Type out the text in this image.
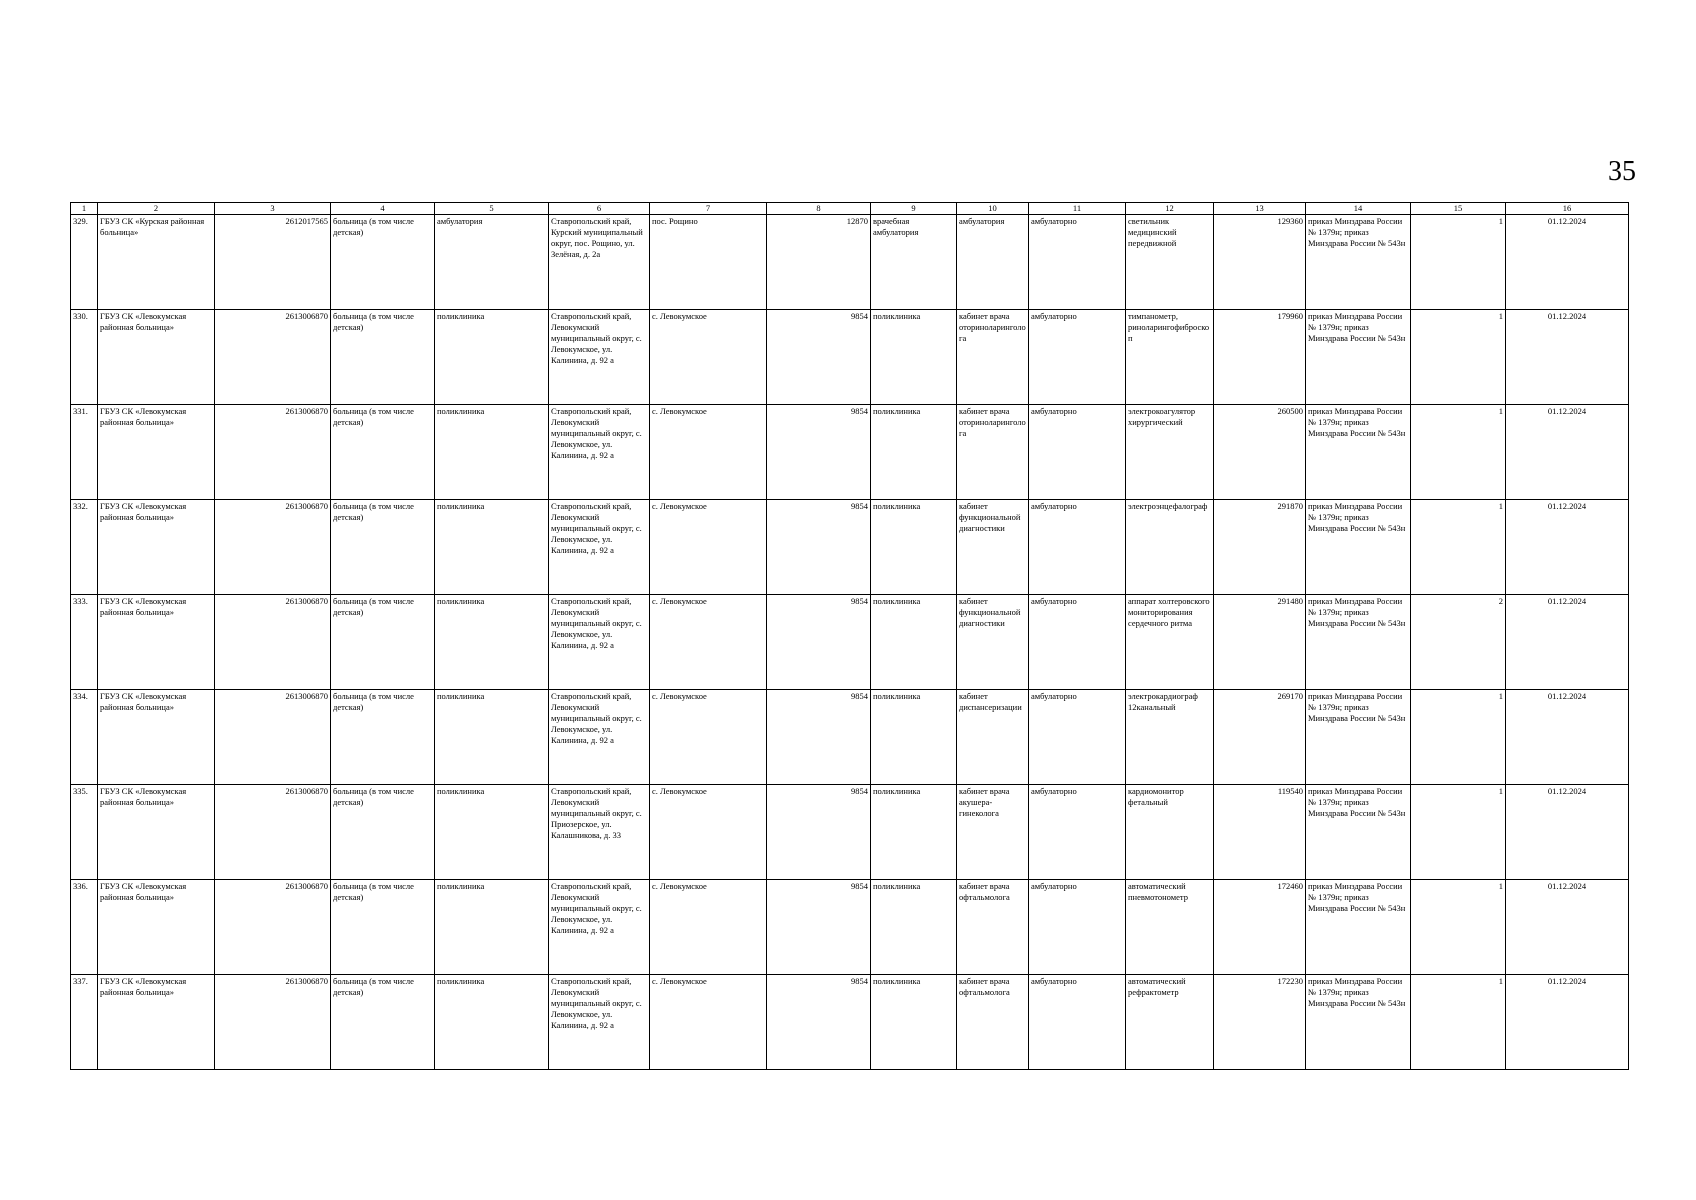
35
1	2	3	4	5	6	7	8	9	10	11	12	13	14	15	16
329.	ГБУЗ СК «Курская районная больница»	2612017565	больница (в том числе детская)	амбулатория	Ставропольский край, Курский муниципальный округ, пос. Рощино, ул. Зелёная, д. 2а	пос. Рощино	12870	врачебная амбулатория	амбулатория	амбулаторно	светильник медицинский передвижной	129360	приказ Минздрава России № 1379н; приказ Минздрава России № 543н	1	01.12.2024
330.	ГБУЗ СК «Левокумская районная больница»	2613006870	больница (в том числе детская)	поликлиника	Ставропольский край, Левокумский муниципальный округ, с. Левокумское, ул. Калинина, д. 92 а	с. Левокумское	9854	поликлиника	кабинет врача оториноларинголога	амбулаторно	тимпанометр, риноларингофиброскоп	179960	приказ Минздрава России № 1379н; приказ Минздрава России № 543н	1	01.12.2024
331.	ГБУЗ СК «Левокумская районная больница»	2613006870	больница (в том числе детская)	поликлиника	Ставропольский край, Левокумский муниципальный округ, с. Левокумское, ул. Калинина, д. 92 а	с. Левокумское	9854	поликлиника	кабинет врача оториноларинголога	амбулаторно	электрокоагулятор хирургический	260500	приказ Минздрава России № 1379н; приказ Минздрава России № 543н	1	01.12.2024
332.	ГБУЗ СК «Левокумская районная больница»	2613006870	больница (в том числе детская)	поликлиника	Ставропольский край, Левокумский муниципальный округ, с. Левокумское, ул. Калинина, д. 92 а	с. Левокумское	9854	поликлиника	кабинет функциональной диагностики	амбулаторно	электроэнцефалограф	291870	приказ Минздрава России № 1379н; приказ Минздрава России № 543н	1	01.12.2024
333.	ГБУЗ СК «Левокумская районная больница»	2613006870	больница (в том числе детская)	поликлиника	Ставропольский край, Левокумский муниципальный округ, с. Левокумское, ул. Калинина, д. 92 а	с. Левокумское	9854	поликлиника	кабинет функциональной диагностики	амбулаторно	аппарат холтеровского мониторирования сердечного ритма	291480	приказ Минздрава России № 1379н; приказ Минздрава России № 543н	2	01.12.2024
334.	ГБУЗ СК «Левокумская районная больница»	2613006870	больница (в том числе детская)	поликлиника	Ставропольский край, Левокумский муниципальный округ, с. Левокумское, ул. Калинина, д. 92 а	с. Левокумское	9854	поликлиника	кабинет диспансеризации	амбулаторно	электрокардиограф 12канальный	269170	приказ Минздрава России № 1379н; приказ Минздрава России № 543н	1	01.12.2024
335.	ГБУЗ СК «Левокумская районная больница»	2613006870	больница (в том числе детская)	поликлиника	Ставропольский край, Левокумский муниципальный округ, с. Приозерское, ул. Калашникова, д. 33	с. Левокумское	9854	поликлиника	кабинет врача акушера-гинеколога	амбулаторно	кардиомонитор фетальный	119540	приказ Минздрава России № 1379н; приказ Минздрава России № 543н	1	01.12.2024
336.	ГБУЗ СК «Левокумская районная больница»	2613006870	больница (в том числе детская)	поликлиника	Ставропольский край, Левокумский муниципальный округ, с. Левокумское, ул. Калинина, д. 92 а	с. Левокумское	9854	поликлиника	кабинет врача офтальмолога	амбулаторно	автоматический пневмотонометр	172460	приказ Минздрава России № 1379н; приказ Минздрава России № 543н	1	01.12.2024
337.	ГБУЗ СК «Левокумская районная больница»	2613006870	больница (в том числе детская)	поликлиника	Ставропольский край, Левокумский муниципальный округ, с. Левокумское, ул. Калинина, д. 92 а	с. Левокумское	9854	поликлиника	кабинет врача офтальмолога	амбулаторно	автоматический рефрактометр	172230	приказ Минздрава России № 1379н; приказ Минздрава России № 543н	1	01.12.2024
